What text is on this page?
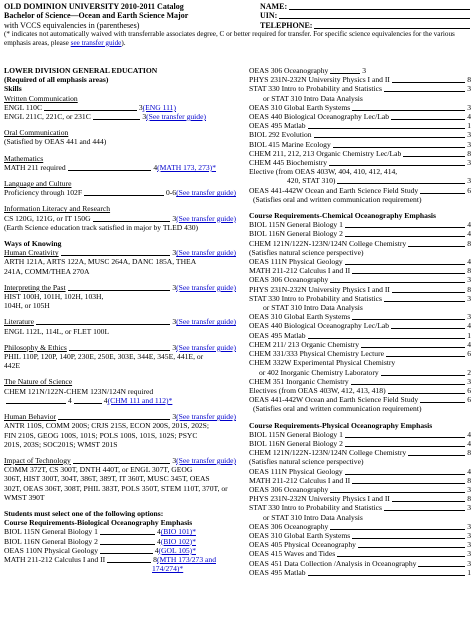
OLD DOMINION UNIVERSITY 2010-2011 Catalog	NAME:
Bachelor of Science—Ocean and Earth Science Major	UIN:
with VCCS equivalencies in (parentheses)	TELEPHONE:
(* indicates not automatically waived with transferrable associates degree, C or better required for transfer. For specific science equivalencies for the various emphasis areas, please see transfer guide).
LOWER DIVISION GENERAL EDUCATION
(Required of all emphasis areas)
Skills
Written Communication
ENGL 110C	3 (ENG 111)
ENGL 211C, 221C, or 231C	3 (See transfer guide)
Oral Communication
(Satisfied by OEAS 441 and 444)
Mathematics
MATH 211 required	4 (MATH 173, 273)*
Language and Culture
Proficiency through 102F	0-6 (See transfer guide)
Information Literacy and Research
CS 120G, 121G, or IT 150G	3 (See transfer guide)
(Earth Science education track satisfied in major by TLED 430)
Ways of Knowing
Human Creativity	3 (See transfer guide)
ARTH 121A, ARTS 122A, MUSC 264A, DANC 185A, THEA
241A, COMM/THEA 270A
Interpreting the Past	3 (See transfer guide)
HIST 100H, 101H, 102H, 103H,
104H, or 105H
Literature	3 (See transfer guide)
ENGL 112L, 114L, or FLET 100L
Philosophy & Ethics	3 (See transfer guide)
PHIL 110P, 120P, 140P, 230E, 250E, 303E, 344E, 345E, 441E, or
442E
The Nature of Science
CHEM 121N/122N-CHEM 123N/124N required
4	4 (CHM 111 and 112)*
Human Behavior	3 (See transfer guide)
ANTR 110S, COMM 200S; CRJS 215S, ECON 200S, 201S, 202S;
FIN 210S, GEOG 100S, 101S; POLS 100S, 101S, 102S; PSYC
201S, 203S; SOC201S; WMST 201S
Impact of Technology	3 (See transfer guide)
COMM 372T, CS 300T, DNTH 440T, or ENGL 307T, GEOG
306T, HIST 300T, 304T, 386T, 389T, IT 360T, MUSC 345T, OEAS
302T, OEAS 306T, 308T, PHIL 383T, POLS 350T, STEM 110T, 370T, or
WMST 390T
Students must select one of the following options:
Course Requirements-Biological Oceanography Emphasis
BIOL 115N General Biology 1	4 (BIO 101)*
BIOL 116N General Biology 2	4 (BIO 102)*
OEAS 110N Physical Geology	4 (GOL 105)*
MATH 211-212 Calculus I and II	8 (MTH 173/273 and
174/274)*
OEAS 306 Oceanography	3
PHYS 231N-232N University Physics I and II	8
STAT 330 Intro to Probability and Statistics	3
or STAT 310 Intro Data Analysis
OEAS 310 Global Earth Systems	3
OEAS 440 Biological Oceanography Lec/Lab	4
OEAS 495 Matlab	1
BIOL 292 Evolution	3
BIOL 415 Marine Ecology	3
CHEM 211, 212, 213 Organic Chemistry Lec/Lab	8
CHEM 445 Biochemistry	3
Elective (from OEAS 403W, 404, 410, 412, 414,
420, STAT 310)	3
OEAS 441-442W Ocean and Earth Science Field Study	6
(Satisfies oral and written communication requirement)
Course Requirements-Chemical Oceanography Emphasis
BIOL 115N General Biology 1	4
BIOL 116N General Biology 2	4
CHEM 121N/122N-123N/124N College Chemistry	8
(Satisfies natural science perspective)
OEAS 111N Physical Geology	4
MATH 211-212 Calculus I and II	8
OEAS 306 Oceanography	3
PHYS 231N-232N University Physics I and II	8
STAT 330 Intro to Probability and Statistics	3
or STAT 310 Intro Data Analysis
OEAS 310 Global Earth Systems	3
OEAS 440 Biological Oceanography Lec/Lab	4
OEAS 495 Matlab	1
CHEM 211/ 213 Organic Chemistry	4
CHEM 331/333 Physical Chemistry Lecture	6
CHEM 332W Experimental Physical Chemistry
or 402 Inorganic Chemistry Laboratory	2
CHEM 351 Inorganic Chemistry	3
Electives (from OEAS 403W, 412, 413, 418)	6
OEAS 441-442W Ocean and Earth Science Field Study	6
(Satisfies oral and written communication requirement)
Course Requirements-Physical Oceanography Emphasis
BIOL 115N General Biology 1	4
BIOL 116N General Biology 2	4
CHEM 121N/122N-123N/124N College Chemistry	8
(Satisfies natural science perspective)
OEAS 111N Physical Geology	4
MATH 211-212 Calculus I and II	8
OEAS 306 Oceanography	3
PHYS 231N-232N University Physics I and II	8
STAT 330 Intro to Probability and Statistics	3
or STAT 310 Intro Data Analysis
OEAS 306 Oceanography	3
OEAS 310 Global Earth Systems	3
OEAS 405 Physical Oceanography	3
OEAS 415 Waves and Tides	3
OEAS 451 Data Collection /Analysis in Oceanography	3
OEAS 495 Matlab	1
